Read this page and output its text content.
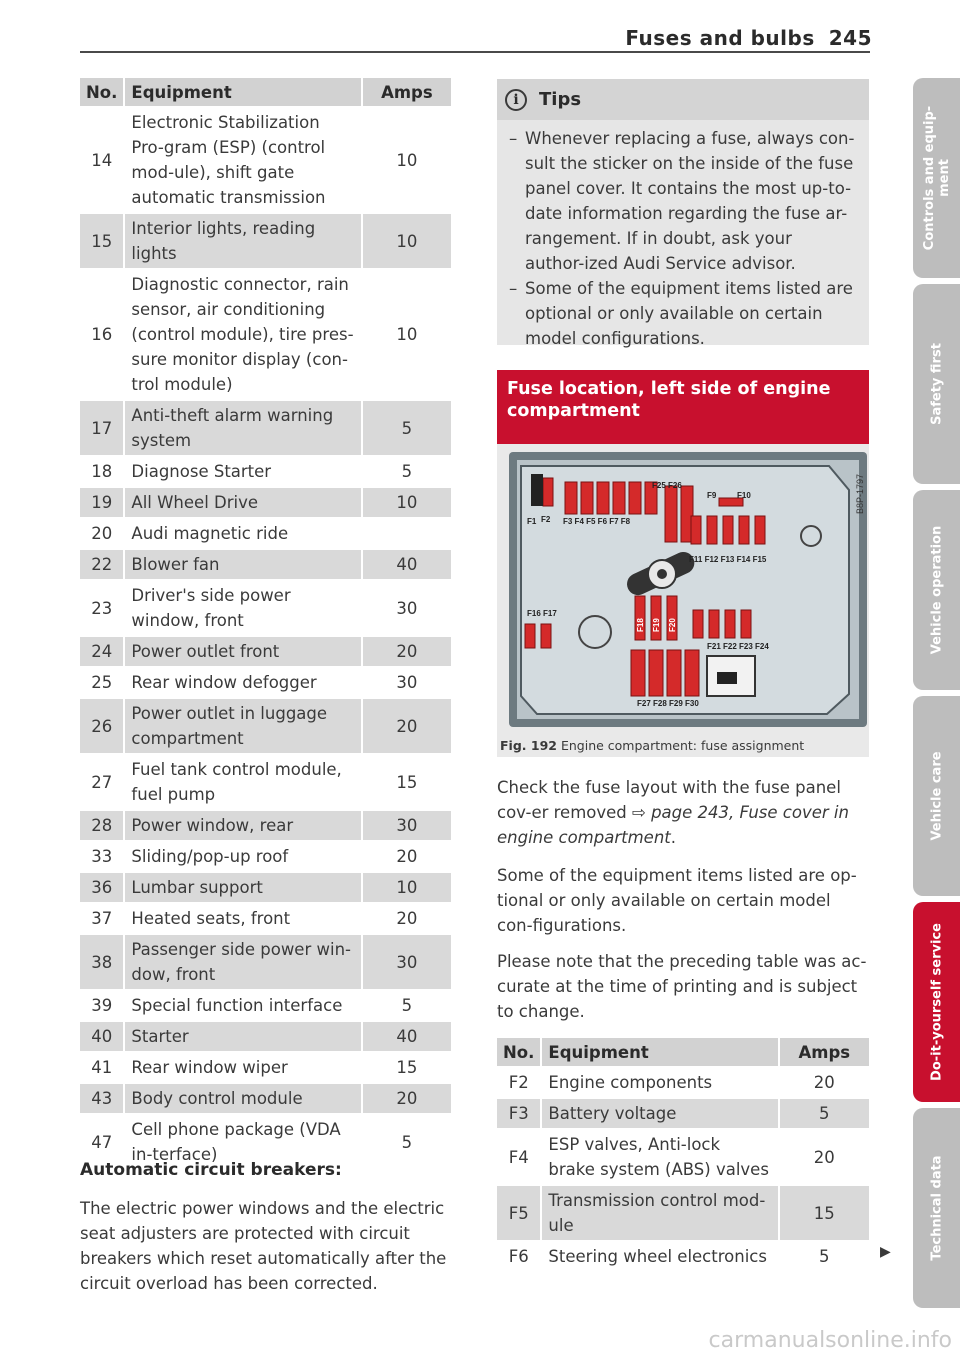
Fuses and bulbs 245
No.	Equipment	Amps
14	Electronic Stabilization Pro-gram (ESP) (control mod-ule), shift gate automatic transmission	10
15	Interior lights, reading lights	10
16	Diagnostic connector, rain sensor, air conditioning (control module), tire pres-sure monitor display (con-trol module)	10
17	Anti-theft alarm warning system	5
18	Diagnose Starter	5
19	All Wheel Drive	10
20	Audi magnetic ride	
22	Blower fan	40
23	Driver's side power window, front	30
24	Power outlet front	20
25	Rear window defogger	30
26	Power outlet in luggage compartment	20
27	Fuel tank control module, fuel pump	15
28	Power window, rear	30
33	Sliding/pop-up roof	20
36	Lumbar support	10
37	Heated seats, front	20
38	Passenger side power win-dow, front	30
39	Special function interface	5
40	Starter	40
41	Rear window wiper	15
43	Body control module	20
47	Cell phone package (VDA in-terface)	5
Automatic circuit breakers:
The electric power windows and the electric seat adjusters are protected with circuit breakers which reset automatically after the circuit overload has been corrected.
i	Tips
– Whenever replacing a fuse, always con-sult the sticker on the inside of the fuse panel cover. It contains the most up-to-date information regarding the fuse ar-rangement. If in doubt, ask your author-ized Audi Service advisor.
– Some of the equipment items listed are optional or only available on certain model configurations.
Fuse location, left side of engine compartment
F25 F26
F9	F10
F1 F2 F3 F4 F5 F6 F7 F8
F11 F12 F13 F14 F15
F16 F17
F18 F19 F20
F21 F22 F23 F24
F27 F28 F29 F30
B8P-1797
Fig. 192 Engine compartment: fuse assignment
Check the fuse layout with the fuse panel cov-er removed ⇨ page 243, Fuse cover in engine compartment.
Some of the equipment items listed are op-tional or only available on certain model con-figurations.
Please note that the preceding table was ac-curate at the time of printing and is subject to change.
No.	Equipment	Amps
F2	Engine components	20
F3	Battery voltage	5
F4	ESP valves, Anti-lock brake system (ABS) valves	20
F5	Transmission control mod-ule	15
F6	Steering wheel electronics	5	▶
Controls and equip-ment
Safety first
Vehicle operation
Vehicle care
Do-it-yourself service
Technical data
carmanualsonline.info
